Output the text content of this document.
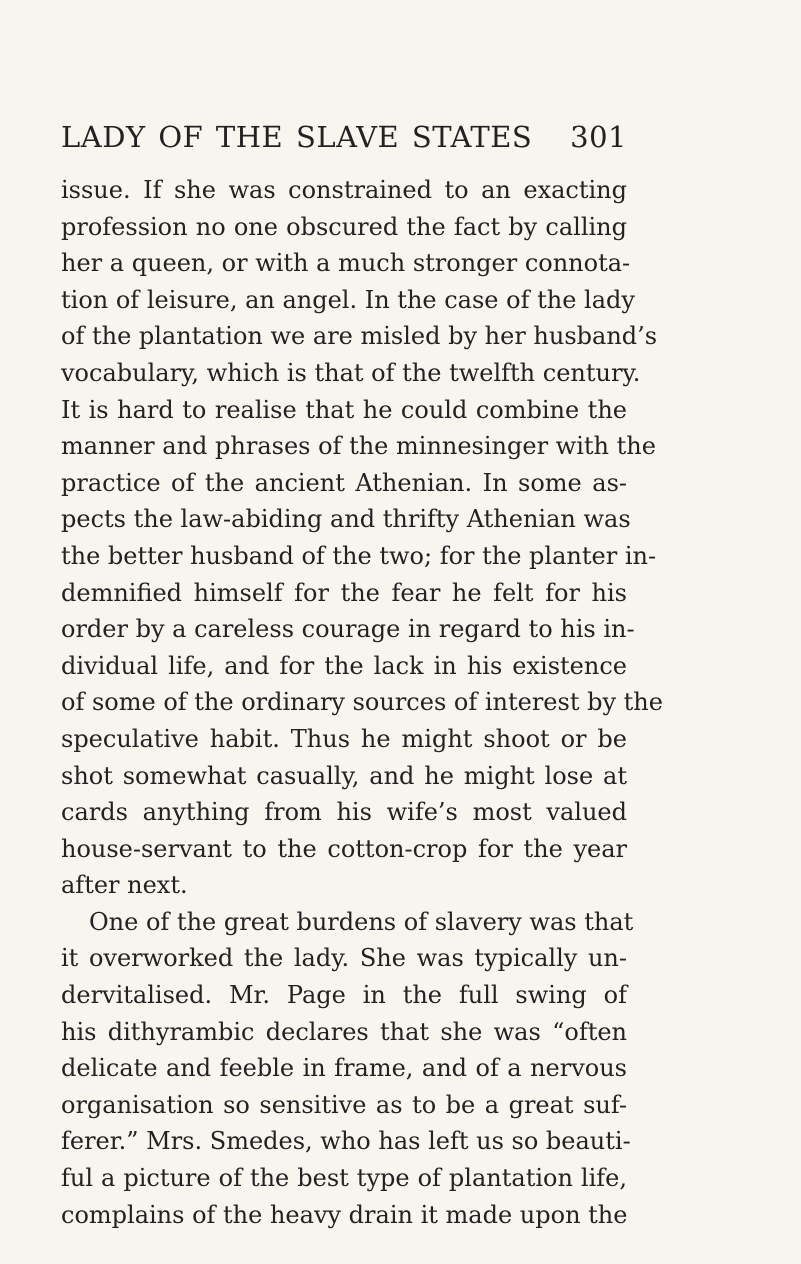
LADY OF THE SLAVE STATES 301
issue. If she was constrained to an exacting
profession no one obscured the fact by calling
her a queen, or with a much stronger connota-
tion of leisure, an angel. In the case of the lady
of the plantation we are misled by her husband’s
vocabulary, which is that of the twelfth century.
It is hard to realise that he could combine the
manner and phrases of the minnesinger with the
practice of the ancient Athenian. In some as-
pects the law-abiding and thrifty Athenian was
the better husband of the two; for the planter in-
demnified himself for the fear he felt for his
order by a careless courage in regard to his in-
dividual life, and for the lack in his existence
of some of the ordinary sources of interest by the
speculative habit. Thus he might shoot or be
shot somewhat casually, and he might lose at
cards anything from his wife’s most valued
house-servant to the cotton-crop for the year
after next.
One of the great burdens of slavery was that
it overworked the lady. She was typically un-
dervitalised. Mr. Page in the full swing of
his dithyrambic declares that she was “often
delicate and feeble in frame, and of a nervous
organisation so sensitive as to be a great suf-
ferer.” Mrs. Smedes, who has left us so beauti-
ful a picture of the best type of plantation life,
complains of the heavy drain it made upon the
